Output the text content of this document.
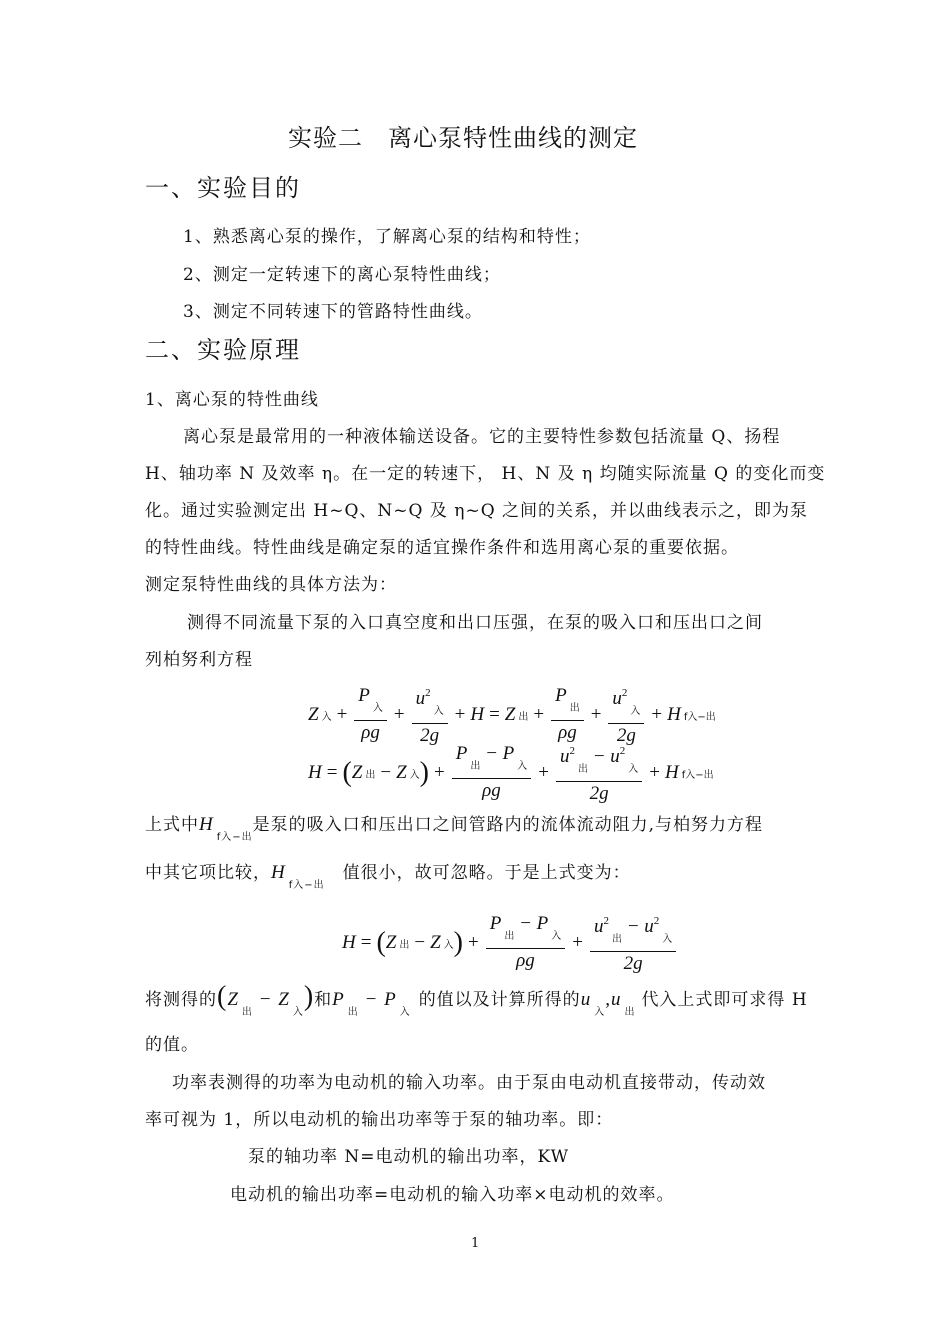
实验二　离心泵特性曲线的测定
一、实验目的
1、熟悉离心泵的操作，了解离心泵的结构和特性；
2、测定一定转速下的离心泵特性曲线；
3、测定不同转速下的管路特性曲线。
二、实验原理
1、离心泵的特性曲线
离心泵是最常用的一种液体输送设备。它的主要特性参数包括流量 Q、扬程
H、轴功率 N 及效率 η。在一定的转速下， H、N 及 η 均随实际流量 Q 的变化而变
化。通过实验测定出 H~Q、N~Q 及 η~Q 之间的关系，并以曲线表示之，即为泵
的特性曲线。特性曲线是确定泵的适宜操作条件和选用离心泵的重要依据。
测定泵特性曲线的具体方法为：
测得不同流量下泵的入口真空度和出口压强，在泵的吸入口和压出口之间
列柏努利方程
Z 入 + $\frac{P_入}{\rho g} + \frac{u^2_入}{2g} + H = Z$ 出 + $\frac{P_出}{\rho g} + \frac{u^2_入}{2g} + H$ f入−出
H = ( Z 出 − Z 入 ) + $\frac{P_出 - P_入}{\rho g} + \frac{u^2_出 - u^2_入}{2g} + H$ f入−出
上式中$H_{f入-出}$是泵的吸入口和压出口之间管路内的流体流动阻力,与柏努力方程
中其它项比较，$H_{f入-出}$值很小，故可忽略。于是上式变为：
H = ( Z 出 − Z 入 ) + $\frac{P_出 - P_入}{\rho g} + \frac{u^2_出 - u^2_入}{2g}$
将测得的$(Z_出 - Z_入)$和$P_出 - P_入$的值以及计算所得的$u_入,u_出$代入上式即可求得 H
的值。
功率表测得的功率为电动机的输入功率。由于泵由电动机直接带动，传动效
率可视为 1，所以电动机的输出功率等于泵的轴功率。即：
泵的轴功率 N=电动机的输出功率，KW
电动机的输出功率=电动机的输入功率×电动机的效率。
1
